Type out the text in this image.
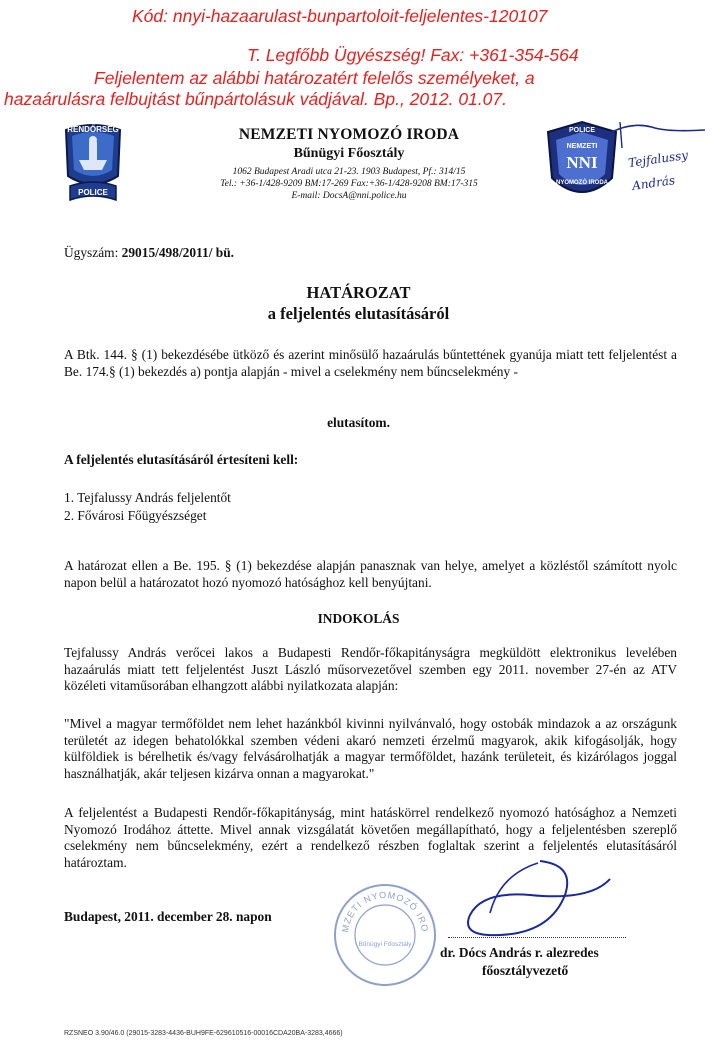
Kód: nnyi-hazaarulast-bunpartoloit-feljelentes-120107
T. Legfőbb Ügyészség! Fax: +361-354-564
Feljelentem az alábbi határozatért felelős személyeket, a
hazaárulásra felbujtást bűnpártolásuk vádjával. Bp., 2012. 01.07.
RENDŐRSÉG
POLICE
NEMZETI NYOMOZÓ IRODA
Bűnügyi Főosztály
1062 Budapest Aradi utca 21-23. 1903 Budapest, Pf.: 314/15
Tel.: +36-1/428-9209 BM:17-269 Fax:+36-1/428-9208 BM:17-315
E-mail: DocsA@nni.police.hu
POLICE
NEMZETI
NNI
NYOMOZÓ IRODA
Tejfalussy
András
Ügyszám: 29015/498/2011/ bü.
HATÁROZAT
a feljelentés elutasításáról
A Btk. 144. § (1) bekezdésébe ütköző és azerint minősülő hazaárulás bűntettének gyanúja miatt tett feljelentést a Be. 174.§ (1) bekezdés a) pontja alapján - mivel a cselekmény nem bűncselekmény -
elutasítom.
A feljelentés elutasításáról értesíteni kell:
1. Tejfalussy András feljelentőt
2. Fővárosi Főügyészséget
A határozat ellen a Be. 195. § (1) bekezdése alapján panasznak van helye, amelyet a közléstől számított nyolc napon belül a határozatot hozó nyomozó hatósághoz kell benyújtani.
INDOKOLÁS
Tejfalussy András verőcei lakos a Budapesti Rendőr-főkapitányságra megküldött elektronikus levelében hazaárulás miatt tett feljelentést Juszt László műsorvezetővel szemben egy 2011. november 27-én az ATV közéleti vitaműsorában elhangzott alábbi nyilatkozata alapján:
"Mivel a magyar termőföldet nem lehet hazánkból kivinni nyilvánvaló, hogy ostobák mindazok a az országunk területét az idegen behatolókkal szemben védeni akaró nemzeti érzelmű magyarok, akik kifogásolják, hogy külföldiek is bérelhetik és/vagy felvásárolhatják a magyar termőföldet, hazánk területeit, és kizárólagos joggal használhatják, akár teljesen kizárva onnan a magyarokat."
A feljelentést a Budapesti Rendőr-főkapitányság, mint hatáskörrel rendelkező nyomozó hatósághoz a Nemzeti Nyomozó Irodához áttette. Mivel annak vizsgálatát követően megállapítható, hogy a feljelentésben szereplő cselekmény nem bűncselekmény, ezért a rendelkező részben foglaltak szerint a feljelentés elutasításáról határoztam.
Budapest, 2011. december 28. napon
MZETI NYOMOZÓ IRO
Bűnügyi Főosztály
dr. Dócs András r. alezredes
főosztályvezető
RZSNEO 3.90/46.0 (29015-3283-4436-BUH9FE-629610516-00016CDA20BA-3283,4666)
